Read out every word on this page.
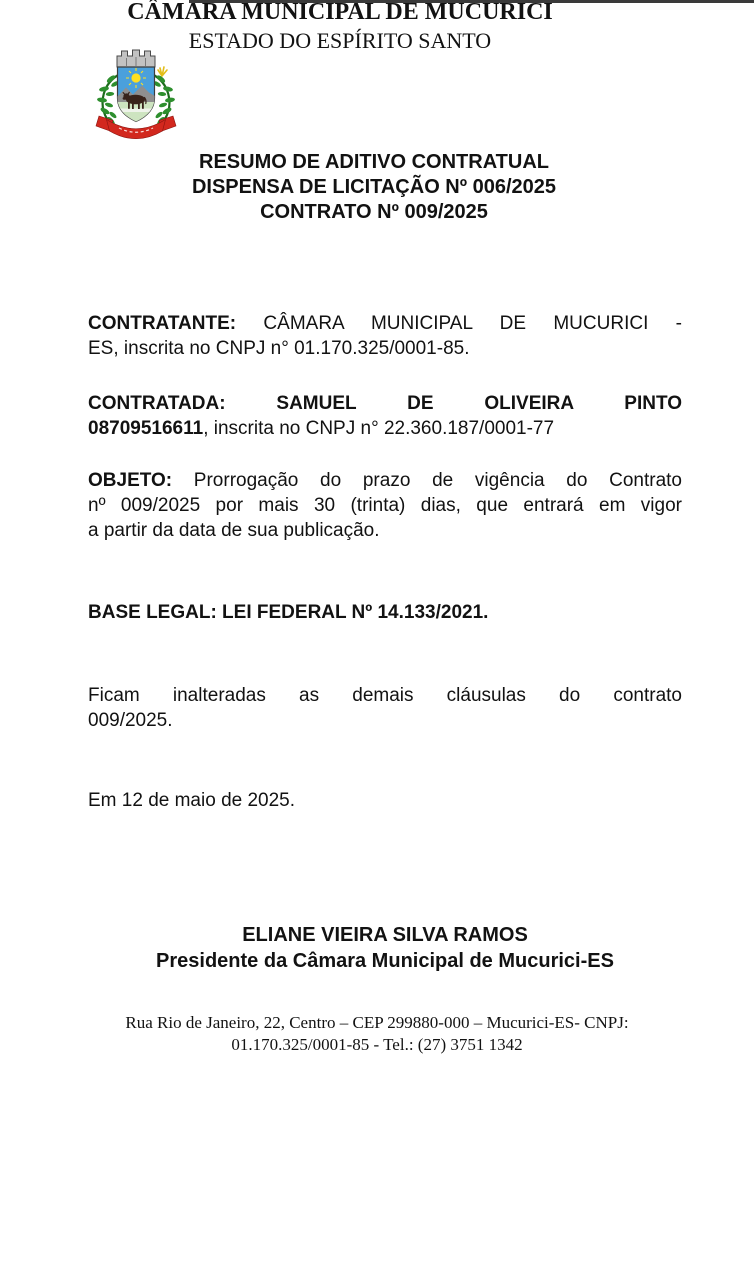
CÂMARA MUNICIPAL DE MUCURICI
ESTADO DO ESPÍRITO SANTO
RESUMO DE ADITIVO CONTRATUAL
DISPENSA DE LICITAÇÃO Nº 006/2025
CONTRATO Nº 009/2025
CONTRATANTE: CÂMARA MUNICIPAL DE MUCURICI -
ES, inscrita no CNPJ n° 01.170.325/0001-85.
CONTRATADA: SAMUEL DE OLIVEIRA PINTO
08709516611, inscrita no CNPJ n° 22.360.187/0001-77
OBJETO: Prorrogação do prazo de vigência do Contrato
nº 009/2025 por mais 30 (trinta) dias, que entrará em vigor
a partir da data de sua publicação.
BASE LEGAL: LEI FEDERAL Nº 14.133/2021.
Ficam inalteradas as demais cláusulas do contrato
009/2025.
Em 12 de maio de 2025.
ELIANE VIEIRA SILVA RAMOS
Presidente da Câmara Municipal de Mucurici-ES
Rua Rio de Janeiro, 22, Centro – CEP 299880-000 – Mucurici-ES- CNPJ:
01.170.325/0001-85 - Tel.: (27) 3751 1342
